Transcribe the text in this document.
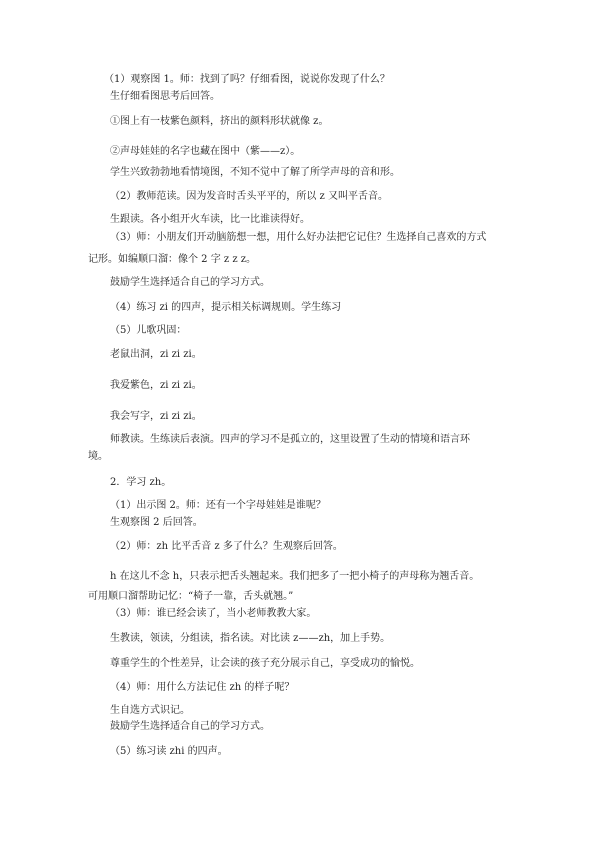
（1）观察图 1。师：找到了吗？仔细看图，说说你发现了什么？
生仔细看图思考后回答。
①图上有一枝紫色颜料，挤出的颜料形状就像 z。
②声母娃娃的名字也藏在图中（紫——z）。
学生兴致勃勃地看情境图，不知不觉中了解了所学声母的音和形。
（2）教师范读。因为发音时舌头平平的，所以 z 又叫平舌音。
生跟读。各小组开火车读，比一比谁读得好。
（3）师：小朋友们开动脑筋想一想，用什么好办法把它记住？生选择自己喜欢的方式
记形。如编顺口溜：像个 2 字 z z z。
鼓励学生选择适合自己的学习方式。
（4）练习 zi 的四声，提示相关标调规则。学生练习
（5）儿歌巩固：
老鼠出洞，zi zi zi。
我爱紫色，zi zi zi。
我会写字，zi zi zi。
师教读。生练读后表演。四声的学习不是孤立的，这里设置了生动的情境和语言环
境。
2．学习 zh。
（1）出示图 2。师：还有一个字母娃娃是谁呢？
生观察图 2 后回答。
（2）师：zh 比平舌音 z 多了什么？生观察后回答。
h 在这儿不念 h，只表示把舌头翘起来。我们把多了一把小椅子的声母称为翘舌音。
可用顺口溜帮助记忆：“椅子一靠，舌头就翘。”
（3）师：谁已经会读了，当小老师教教大家。
生教读，领读，分组读，指名读。对比读 z——zh，加上手势。
尊重学生的个性差异，让会读的孩子充分展示自己，享受成功的愉悦。
（4）师：用什么方法记住 zh 的样子呢？
生自选方式识记。
鼓励学生选择适合自己的学习方式。
（5）练习读 zhi 的四声。
